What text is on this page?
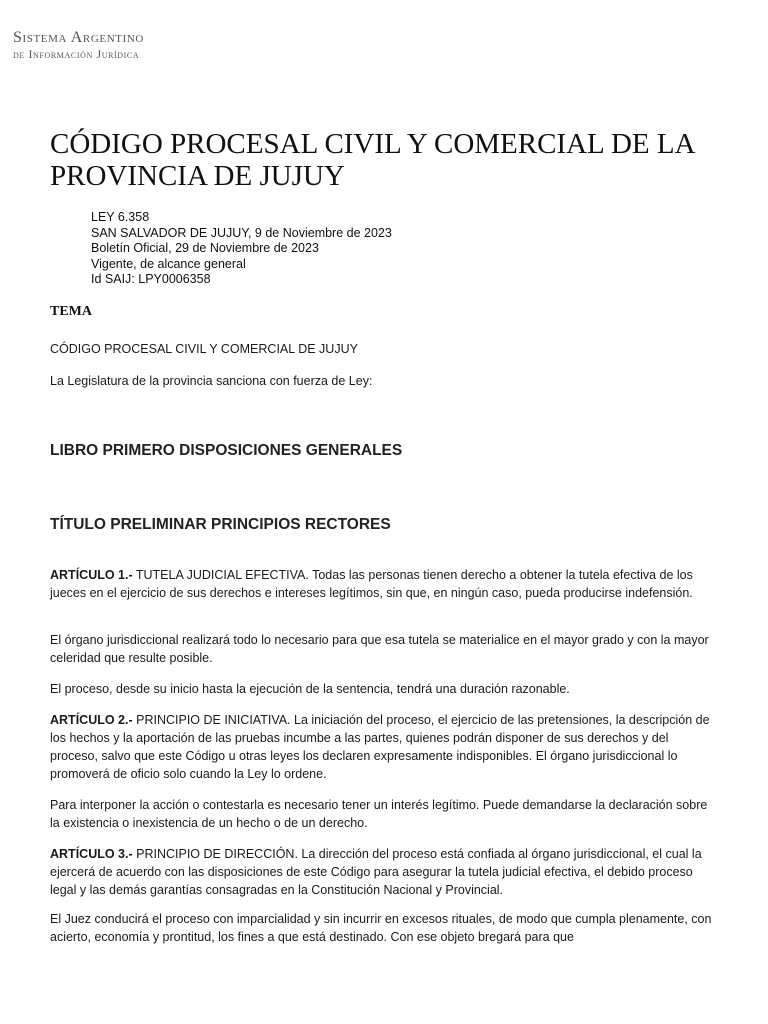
Sistema Argentino
de Información Jurídica
CÓDIGO PROCESAL CIVIL Y COMERCIAL DE LA PROVINCIA DE JUJUY
LEY 6.358
SAN SALVADOR DE JUJUY, 9 de Noviembre de 2023
Boletín Oficial, 29 de Noviembre de 2023
Vigente, de alcance general
Id SAIJ: LPY0006358
TEMA

CÓDIGO PROCESAL CIVIL Y COMERCIAL DE JUJUY

La Legislatura de la provincia sanciona con fuerza de Ley:

LIBRO PRIMERO DISPOSICIONES GENERALES
TÍTULO PRELIMINAR PRINCIPIOS RECTORES

ARTÍCULO 1.- TUTELA JUDICIAL EFECTIVA. Todas las personas tienen derecho a obtener la tutela efectiva de los jueces en el ejercicio de sus derechos e intereses legítimos, sin que, en ningún caso, pueda producirse indefensión.

El órgano jurisdiccional realizará todo lo necesario para que esa tutela se materialice en el mayor grado y con la mayor celeridad que resulte posible.

El proceso, desde su inicio hasta la ejecución de la sentencia, tendrá una duración razonable.

ARTÍCULO 2.- PRINCIPIO DE INICIATIVA. La iniciación del proceso, el ejercicio de las pretensiones, la descripción de los hechos y la aportación de las pruebas incumbe a las partes, quienes podrán disponer de sus derechos y del proceso, salvo que este Código u otras leyes los declaren expresamente indisponibles. El órgano jurisdiccional lo promoverá de oficio solo cuando la Ley lo ordene.

Para interponer la acción o contestarla es necesario tener un interés legítimo. Puede demandarse la declaración sobre la existencia o inexistencia de un hecho o de un derecho.

ARTÍCULO 3.- PRINCIPIO DE DIRECCIÓN. La dirección del proceso está confiada al órgano jurisdiccional, el cual la ejercerá de acuerdo con las disposiciones de este Código para asegurar la tutela judicial efectiva, el debido proceso legal y las demás garantías consagradas en la Constitución Nacional y Provincial.

El Juez conducirá el proceso con imparcialidad y sin incurrir en excesos rituales, de modo que cumpla plenamente, con acierto, economía y prontitud, los fines a que está destinado. Con ese objeto bregará para que
